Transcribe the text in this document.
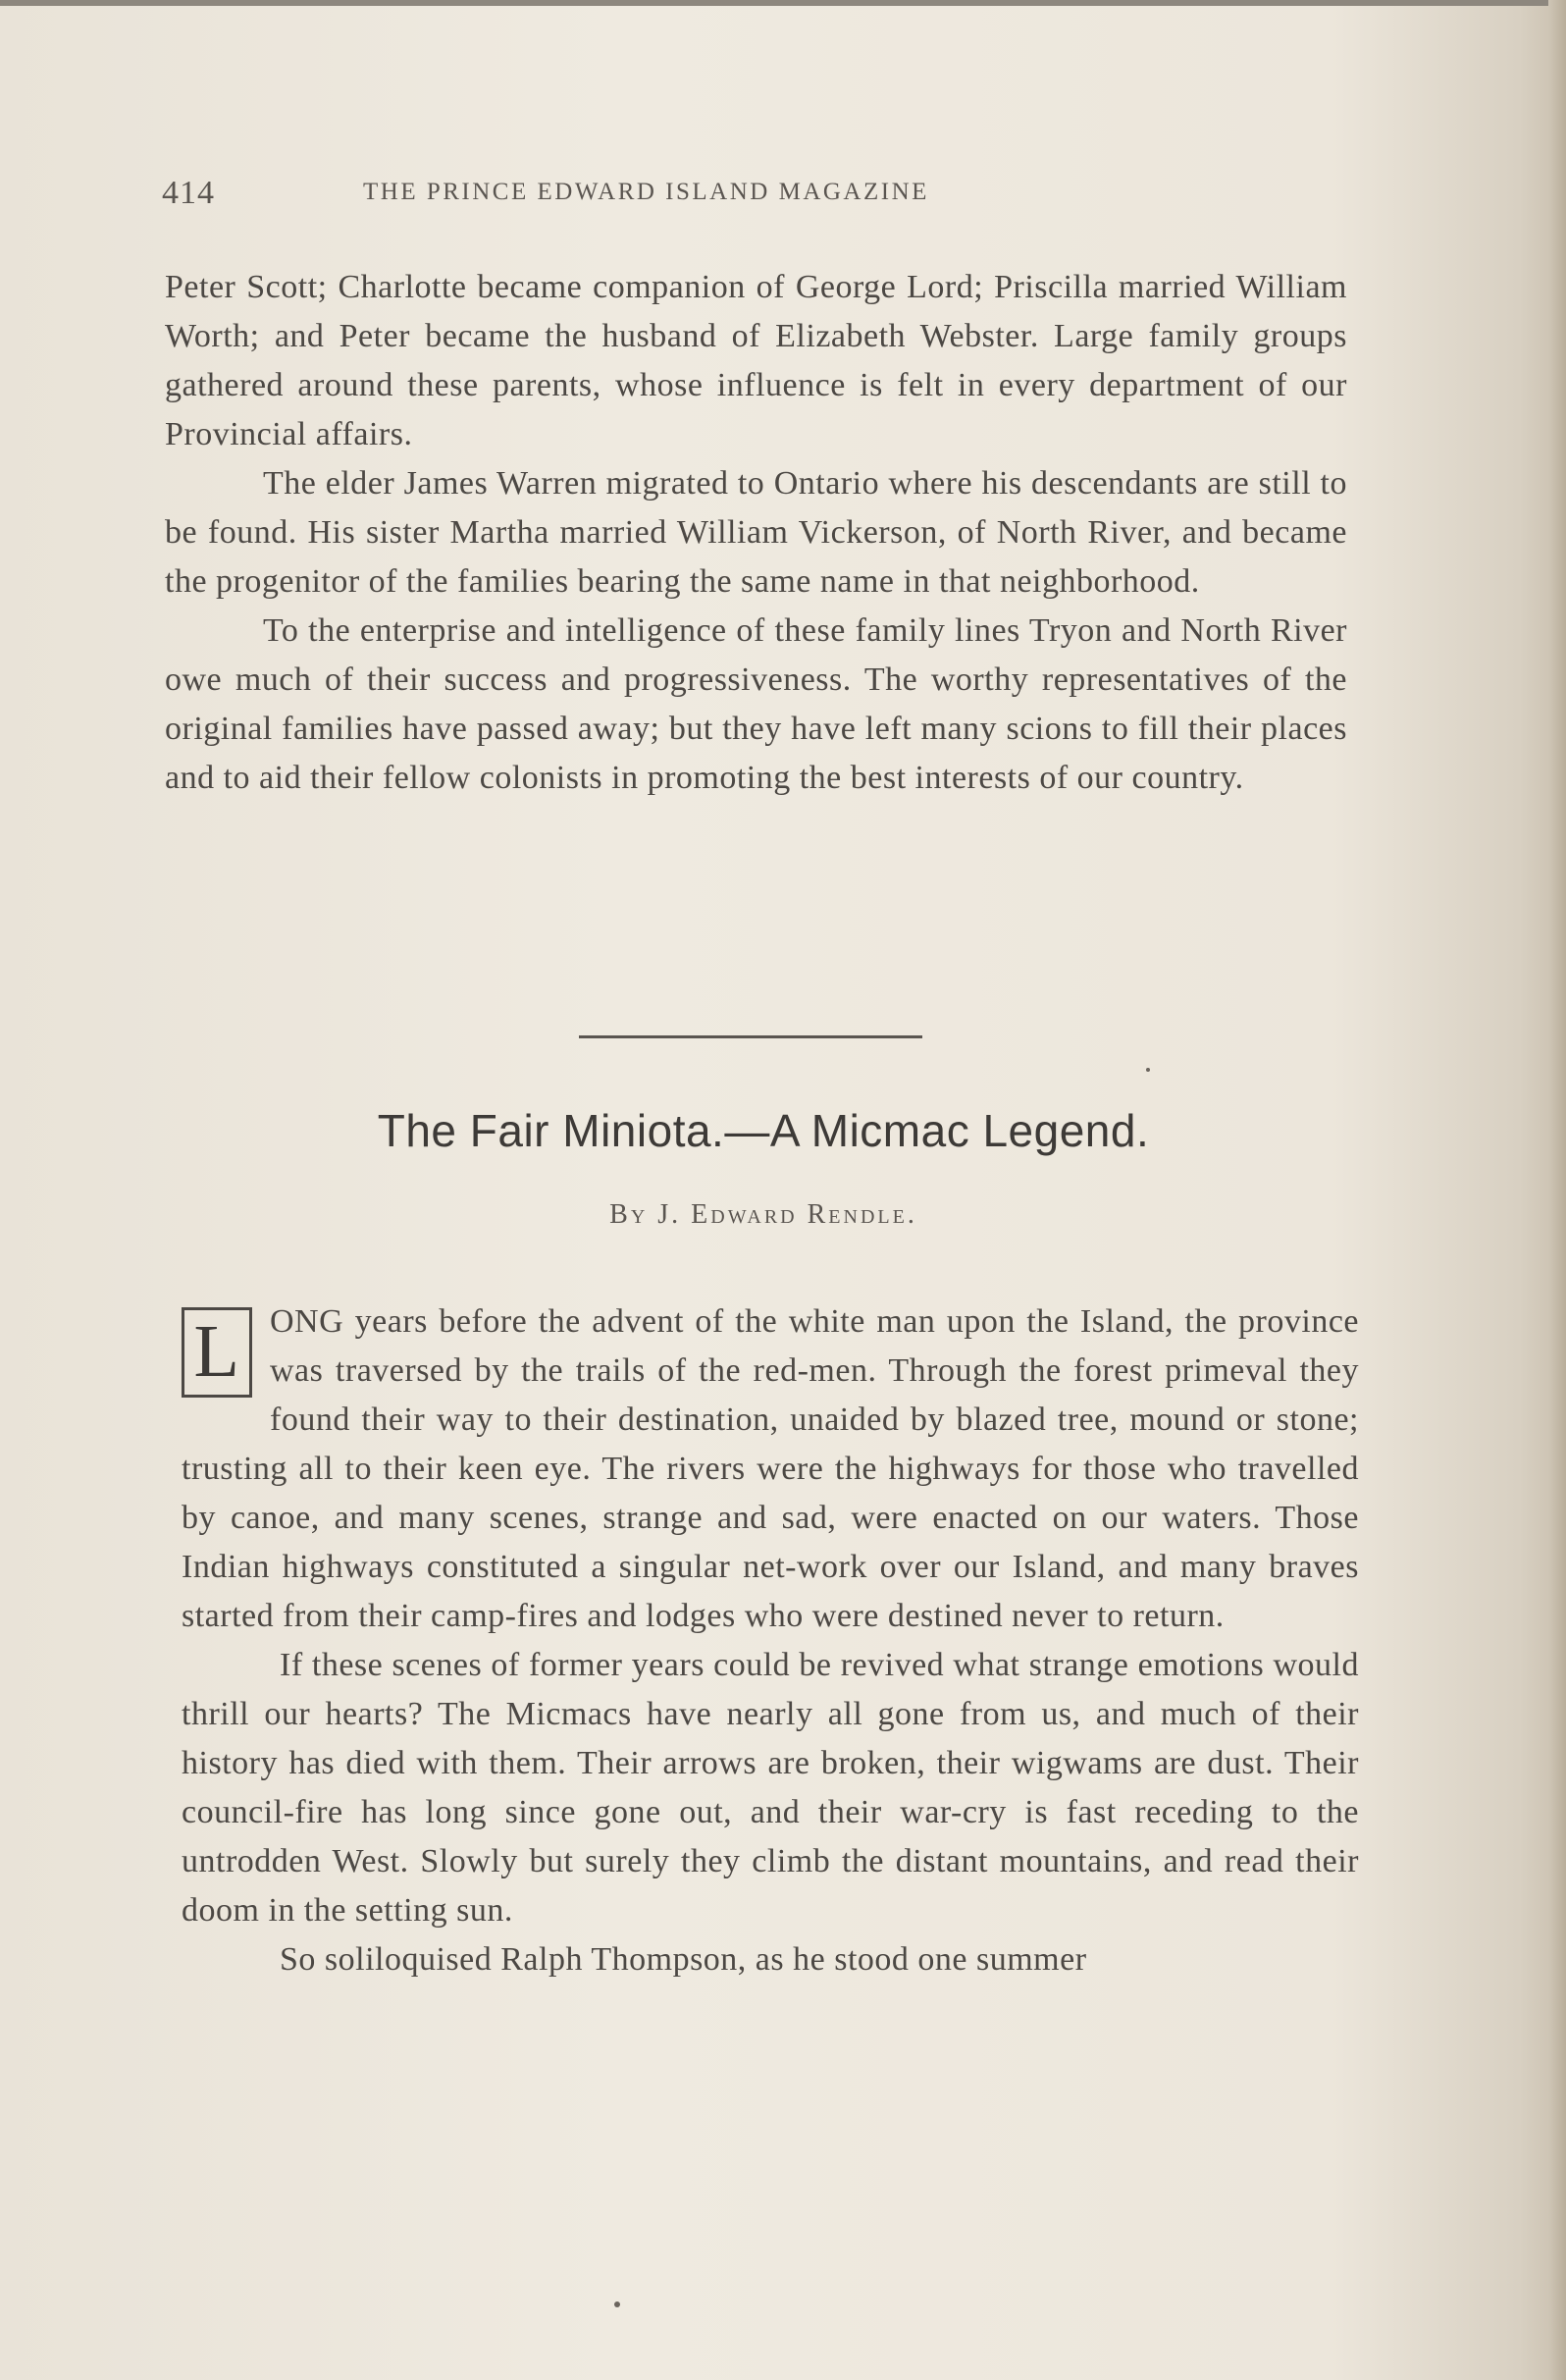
414	THE PRINCE EDWARD ISLAND MAGAZINE

Peter Scott; Charlotte became companion of George Lord; Priscilla married William Worth; and Peter became the husband of Elizabeth Webster. Large family groups gathered around these parents, whose influence is felt in every department of our Provincial affairs.

The elder James Warren migrated to Ontario where his descendants are still to be found. His sister Martha married William Vickerson, of North River, and became the progenitor of the families bearing the same name in that neighborhood.

To the enterprise and intelligence of these family lines Tryon and North River owe much of their success and progressiveness. The worthy representatives of the original families have passed away; but they have left many scions to fill their places and to aid their fellow colonists in promoting the best interests of our country.

The Fair Miniota.—A Micmac Legend.
By J. Edward Rendle.

L ONG years before the advent of the white man upon the Island, the province was traversed by the trails of the red-men. Through the forest primeval they found their way to their destination, unaided by blazed tree, mound or stone; trusting all to their keen eye. The rivers were the highways for those who travelled by canoe, and many scenes, strange and sad, were enacted on our waters. Those Indian highways constituted a singular net-work over our Island, and many braves started from their camp-fires and lodges who were destined never to return.

If these scenes of former years could be revived what strange emotions would thrill our hearts? The Micmacs have nearly all gone from us, and much of their history has died with them. Their arrows are broken, their wigwams are dust. Their council-fire has long since gone out, and their war-cry is fast receding to the untrodden West. Slowly but surely they climb the distant mountains, and read their doom in the setting sun.

So soliloquised Ralph Thompson, as he stood one summer
